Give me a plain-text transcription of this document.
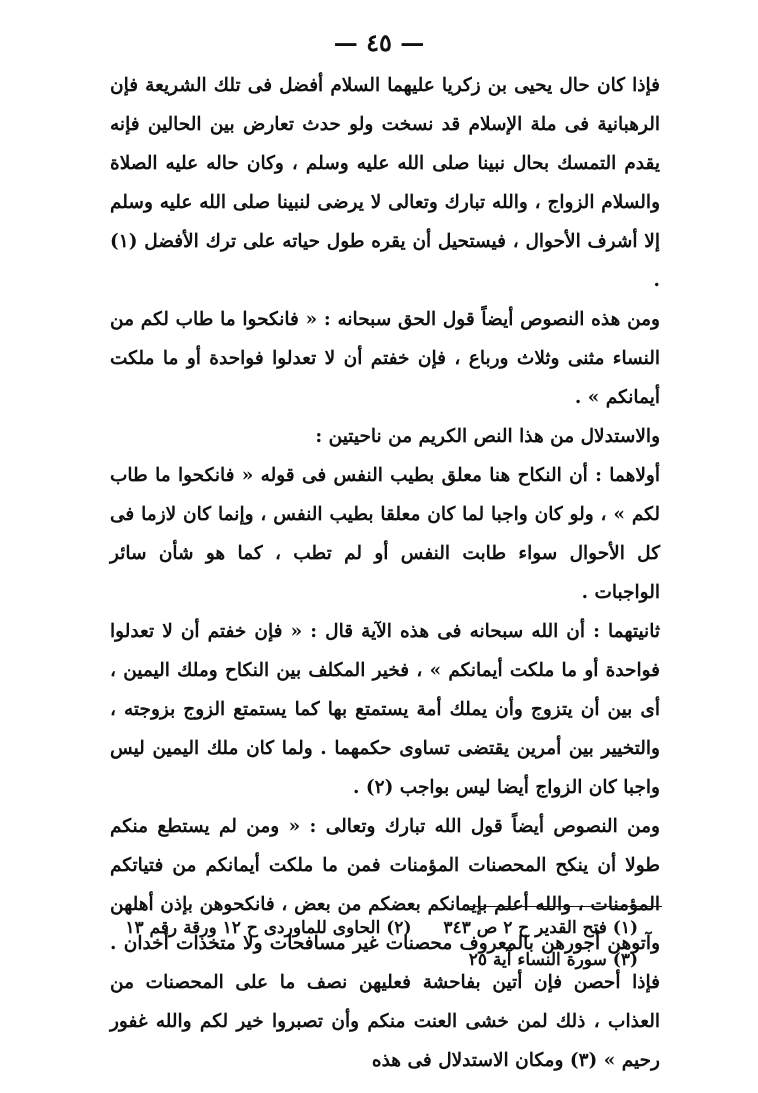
— ٤٥ —

فإذا كان حال يحيى بن زكريا عليهما السلام أفضل فى تلك الشريعة فإن الرهبانية فى ملة الإسلام قد نسخت ولو حدث تعارض بين الحالين فإنه يقدم التمسك بحال نبينا صلى الله عليه وسلم ، وكان حاله عليه الصلاة والسلام الزواج ، والله تبارك وتعالى لا يرضى لنبينا صلى الله عليه وسلم إلا أشرف الأحوال ، فيستحيل أن يقره طول حياته على ترك الأفضل (١) .

ومن هذه النصوص أيضاً قول الحق سبحانه : « فانكحوا ما طاب لكم من النساء مثنى وثلاث ورباع ، فإن خفتم أن لا تعدلوا فواحدة أو ما ملكت أيمانكم » .

والاستدلال من هذا النص الكريم من ناحيتين :

أولاهما : أن النكاح هنا معلق بطيب النفس فى قوله « فانكحوا ما طاب لكم » ، ولو كان واجبا لما كان معلقا بطيب النفس ، وإنما كان لازما فى كل الأحوال سواء طابت النفس أو لم تطب ، كما هو شأن سائر الواجبات .

ثانيتهما : أن الله سبحانه فى هذه الآية قال : « فإن خفتم أن لا تعدلوا فواحدة أو ما ملكت أيمانكم » ، فخير المكلف بين النكاح وملك اليمين ، أى بين أن يتزوج وأن يملك أمة يستمتع بها كما يستمتع الزوج بزوجته ، والتخيير بين أمرين يقتضى تساوى حكمهما . ولما كان ملك اليمين ليس واجبا كان الزواج أيضا ليس بواجب (٢) .

ومن النصوص أيضاً قول الله تبارك وتعالى : « ومن لم يستطع منكم طولا أن ينكح المحصنات المؤمنات فمن ما ملكت أيمانكم من فتياتكم المؤمنات ، والله أعلم بإيمانكم بعضكم من بعض ، فانكحوهن بإذن أهلهن وآتوهن أجورهن بالمعروف محصنات غير مسافحات ولا متخذات أخدان . فإذا أحصن فإن أتين بفاحشة فعليهن نصف ما على المحصنات من العذاب ، ذلك لمن خشى العنت منكم وأن تصبروا خير لكم والله غفور رحيم » (٣) ومكان الاستدلال فى هذه

(١) فتح القدير ح ٢ ص ٣٤٣ (٢) الحاوى للماوردى ح ١٢ ورقة رقم ١٣
(٣) سورة النساء آية ٢٥
